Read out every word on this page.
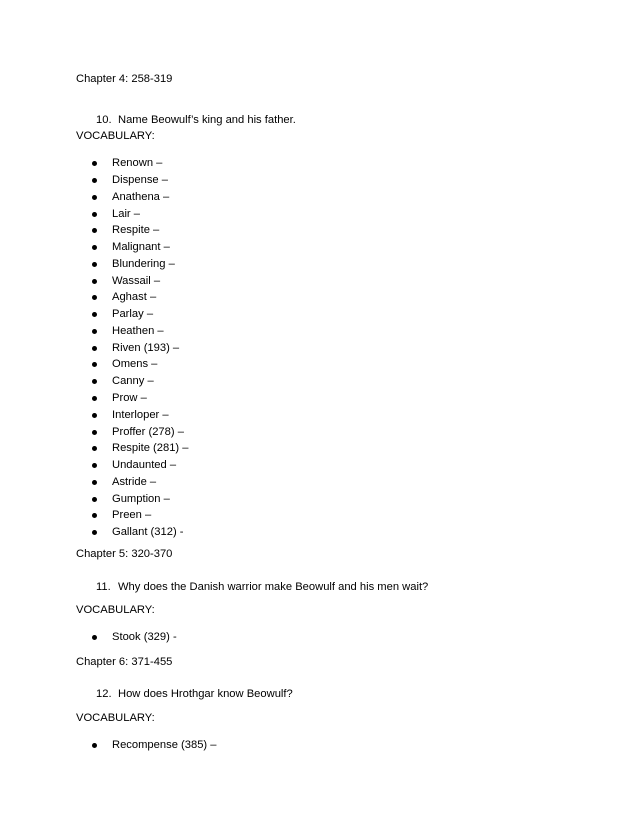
Chapter 4: 258-319
10. Name Beowulf’s king and his father.
VOCABULARY:
Renown –
Dispense –
Anathena –
Lair –
Respite –
Malignant –
Blundering –
Wassail –
Aghast –
Parlay –
Heathen –
Riven (193) –
Omens –
Canny –
Prow –
Interloper –
Proffer (278) –
Respite (281) –
Undaunted –
Astride –
Gumption –
Preen –
Gallant (312) -
Chapter 5: 320-370
11. Why does the Danish warrior make Beowulf and his men wait?
VOCABULARY:
Stook (329) -
Chapter 6: 371-455
12. How does Hrothgar know Beowulf?
VOCABULARY:
Recompense (385) –
